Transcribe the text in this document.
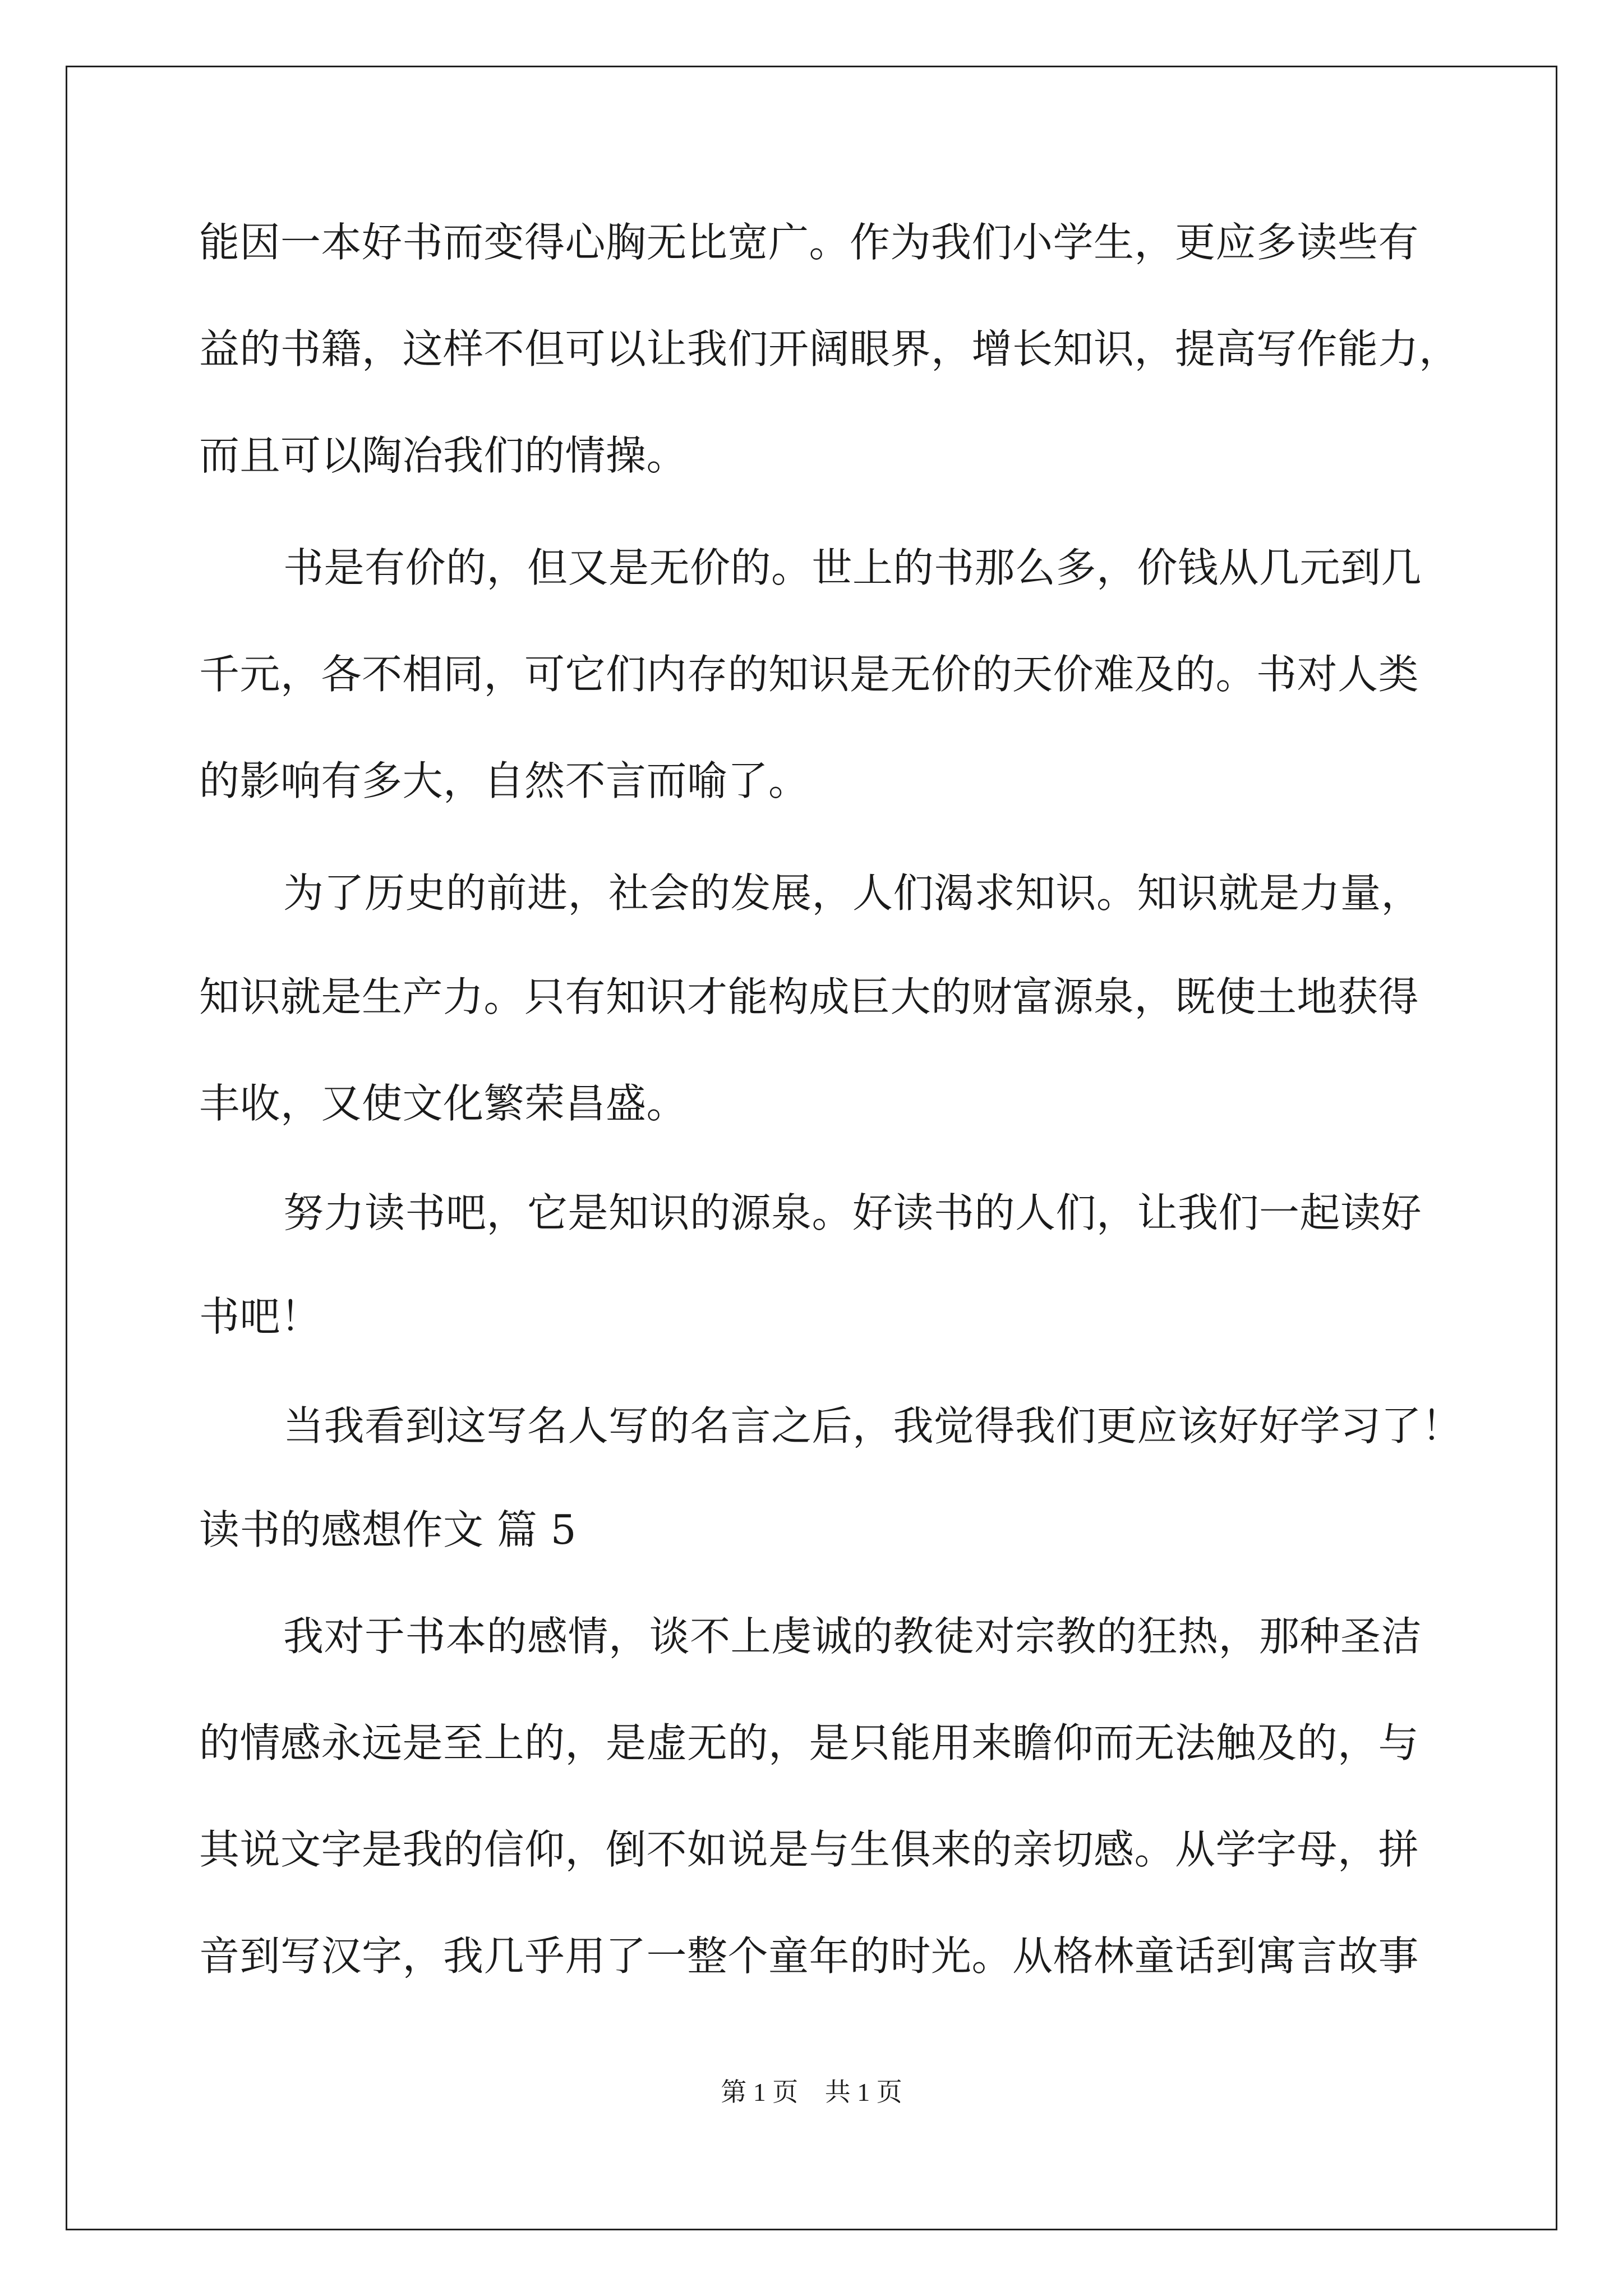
能因一本好书而变得心胸无比宽广。作为我们小学生，更应多读些有
益的书籍，这样不但可以让我们开阔眼界，增长知识，提高写作能力，
而且可以陶冶我们的情操。
书是有价的，但又是无价的。世上的书那么多，价钱从几元到几
千元，各不相同，可它们内存的知识是无价的天价难及的。书对人类
的影响有多大，自然不言而喻了。
为了历史的前进，社会的发展，人们渴求知识。知识就是力量，
知识就是生产力。只有知识才能构成巨大的财富源泉，既使土地获得
丰收，又使文化繁荣昌盛。
努力读书吧，它是知识的源泉。好读书的人们，让我们一起读好
书吧！
当我看到这写名人写的名言之后，我觉得我们更应该好好学习了！
读书的感想作文 篇 5
我对于书本的感情，谈不上虔诚的教徒对宗教的狂热，那种圣洁
的情感永远是至上的，是虚无的，是只能用来瞻仰而无法触及的，与
其说文字是我的信仰，倒不如说是与生俱来的亲切感。从学字母，拼
音到写汉字，我几乎用了一整个童年的时光。从格林童话到寓言故事
第 1 页 共 1 页
